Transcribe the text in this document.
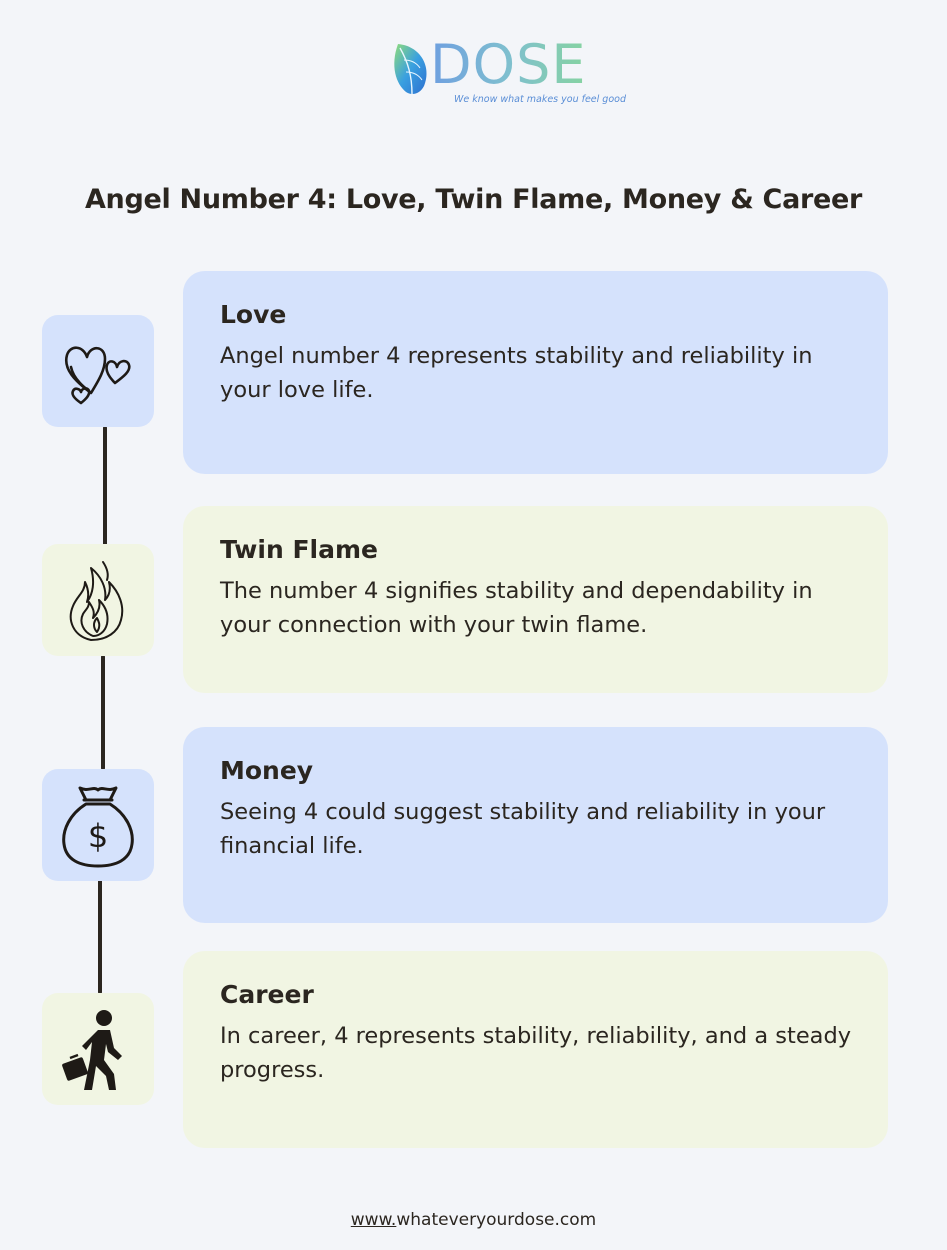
DOSE
We know what makes you feel good
Angel Number 4: Love, Twin Flame, Money & Career
Love

Angel number 4 represents stability and reliability in your love life.

Twin Flame

The number 4 signifies stability and dependability in your connection with your twin flame.

$
Money

Seeing 4 could suggest stability and reliability in your financial life.

Career

In career, 4 represents stability, reliability, and a steady progress.

www.whateveryourdose.com
